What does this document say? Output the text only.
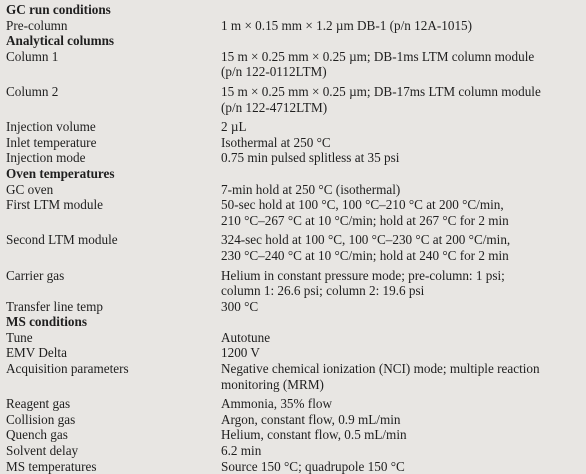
GC run conditions
Pre-column	1 m × 0.15 mm × 1.2 µm DB-1 (p/n 12A-1015)
Analytical columns
Column 1	15 m × 0.25 mm × 0.25 µm; DB-1ms LTM column module
(p/n 122-0112LTM)
Column 2	15 m × 0.25 mm × 0.25 µm; DB-17ms LTM column module
(p/n 122-4712LTM)
Injection volume	2 µL
Inlet temperature	Isothermal at 250 °C
Injection mode	0.75 min pulsed splitless at 35 psi
Oven temperatures
GC oven	7-min hold at 250 °C (isothermal)
First LTM module	50-sec hold at 100 °C, 100 °C–210 °C at 200 °C/min,
210 °C–267 °C at 10 °C/min; hold at 267 °C for 2 min
Second LTM module	324-sec hold at 100 °C, 100 °C–230 °C at 200 °C/min,
230 °C–240 °C at 10 °C/min; hold at 240 °C for 2 min
Carrier gas	Helium in constant pressure mode; pre-column: 1 psi;
column 1: 26.6 psi; column 2: 19.6 psi
Transfer line temp	300 °C
MS conditions
Tune	Autotune
EMV Delta	1200 V
Acquisition parameters	Negative chemical ionization (NCI) mode; multiple reaction
monitoring (MRM)
Reagent gas	Ammonia, 35% flow
Collision gas	Argon, constant flow, 0.9 mL/min
Quench gas	Helium, constant flow, 0.5 mL/min
Solvent delay	6.2 min
MS temperatures	Source 150 °C; quadrupole 150 °C
